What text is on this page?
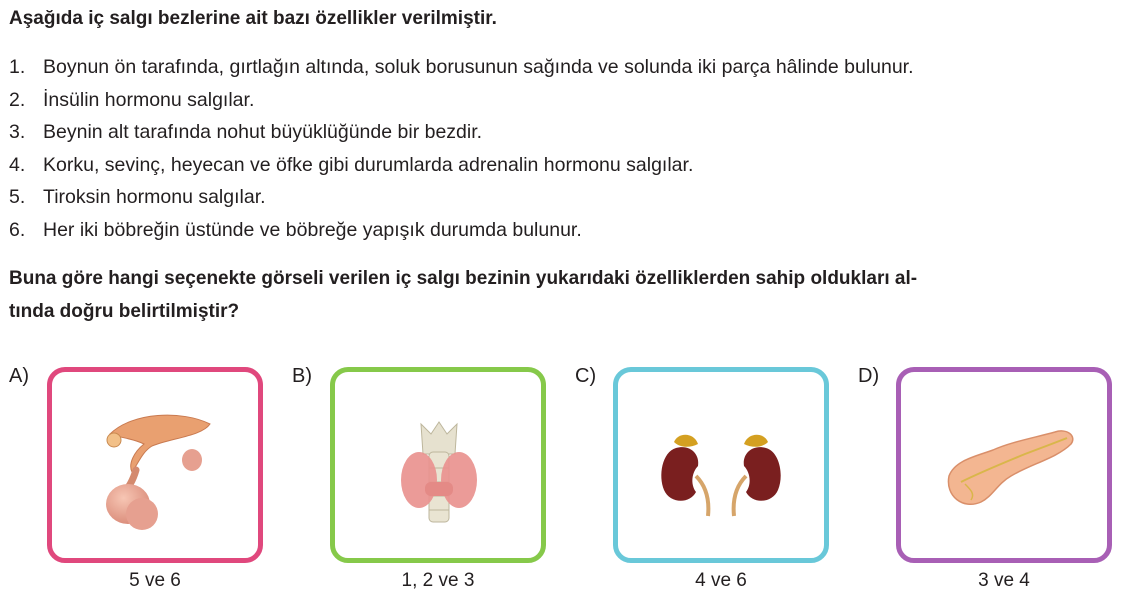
Aşağıda iç salgı bezlerine ait bazı özellikler verilmiştir.
1. Boynun ön tarafında, gırtlağın altında, soluk borusunun sağında ve solunda iki parça hâlinde bulunur.
2. İnsülin hormonu salgılar.
3. Beynin alt tarafında nohut büyüklüğünde bir bezdir.
4. Korku, sevinç, heyecan ve öfke gibi durumlarda adrenalin hormonu salgılar.
5. Tiroksin hormonu salgılar.
6. Her iki böbreğin üstünde ve böbreğe yapışık durumda bulunur.
Buna göre hangi seçenekte görseli verilen iç salgı bezinin yukarıdaki özelliklerden sahip oldukları al-
tında doğru belirtilmiştir?
A)
5 ve 6
B)
1, 2 ve 3
C)
4 ve 6
D)
3 ve 4
